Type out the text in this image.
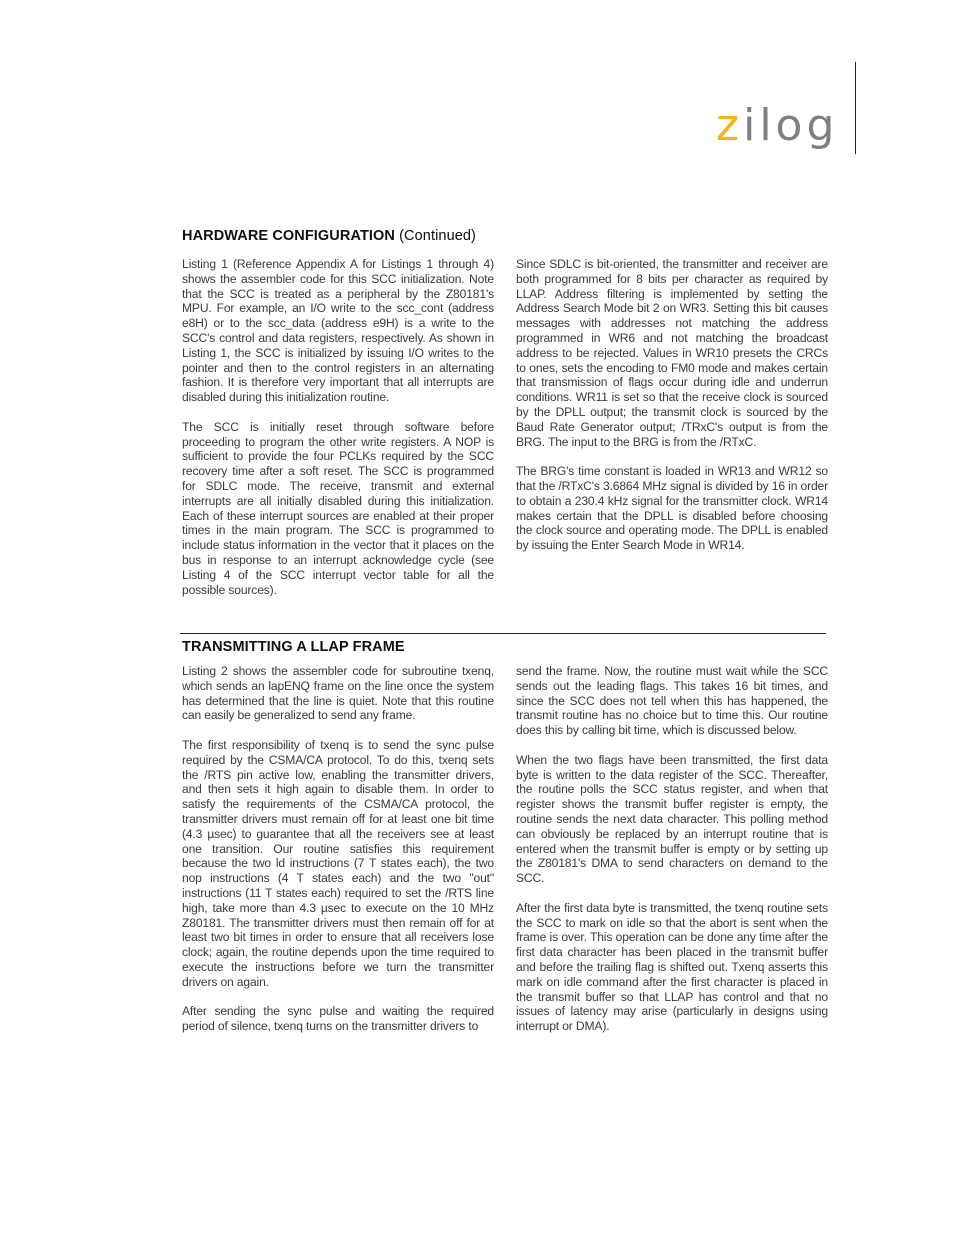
zilog
HARDWARE CONFIGURATION (Continued)

Listing 1 (Reference Appendix A for Listings 1 through 4) shows the assembler code for this SCC initialization. Note that the SCC is treated as a peripheral by the Z80181's MPU. For example, an I/O write to the scc_cont (address e8H) or to the scc_data (address e9H) is a write to the SCC's control and data registers, respectively. As shown in Listing 1, the SCC is initialized by issuing I/O writes to the pointer and then to the control registers in an alternating fashion. It is therefore very important that all interrupts are disabled during this initialization routine.

The SCC is initially reset through software before proceeding to program the other write registers. A NOP is sufficient to provide the four PCLKs required by the SCC recovery time after a soft reset. The SCC is programmed for SDLC mode. The receive, transmit and external interrupts are all initially disabled during this initialization. Each of these interrupt sources are enabled at their proper times in the main program. The SCC is programmed to include status information in the vector that it places on the bus in response to an interrupt acknowledge cycle (see Listing 4 of the SCC interrupt vector table for all the possible sources).

Since SDLC is bit-oriented, the transmitter and receiver are both programmed for 8 bits per character as required by LLAP. Address filtering is implemented by setting the Address Search Mode bit 2 on WR3. Setting this bit causes messages with addresses not matching the address programmed in WR6 and not matching the broadcast address to be rejected. Values in WR10 presets the CRCs to ones, sets the encoding to FM0 mode and makes certain that transmission of flags occur during idle and underrun conditions. WR11 is set so that the receive clock is sourced by the DPLL output; the transmit clock is sourced by the Baud Rate Generator output; /TRxC's output is from the BRG. The input to the BRG is from the /RTxC.

The BRG's time constant is loaded in WR13 and WR12 so that the /RTxC's 3.6864 MHz signal is divided by 16 in order to obtain a 230.4 kHz signal for the transmitter clock. WR14 makes certain that the DPLL is disabled before choosing the clock source and operating mode. The DPLL is enabled by issuing the Enter Search Mode in WR14.

TRANSMITTING A LLAP FRAME

Listing 2 shows the assembler code for subroutine txenq, which sends an lapENQ frame on the line once the system has determined that the line is quiet. Note that this routine can easily be generalized to send any frame.

The first responsibility of txenq is to send the sync pulse required by the CSMA/CA protocol. To do this, txenq sets the /RTS pin active low, enabling the transmitter drivers, and then sets it high again to disable them. In order to satisfy the requirements of the CSMA/CA protocol, the transmitter drivers must remain off for at least one bit time (4.3 µsec) to guarantee that all the receivers see at least one transition. Our routine satisfies this requirement because the two ld instructions (7 T states each), the two nop instructions (4 T states each) and the two "out" instructions (11 T states each) required to set the /RTS line high, take more than 4.3 µsec to execute on the 10 MHz Z80181. The transmitter drivers must then remain off for at least two bit times in order to ensure that all receivers lose clock; again, the routine depends upon the time required to execute the instructions before we turn the transmitter drivers on again.

After sending the sync pulse and waiting the required period of silence, txenq turns on the transmitter drivers to

send the frame. Now, the routine must wait while the SCC sends out the leading flags. This takes 16 bit times, and since the SCC does not tell when this has happened, the transmit routine has no choice but to time this. Our routine does this by calling bit time, which is discussed below.

When the two flags have been transmitted, the first data byte is written to the data register of the SCC. Thereafter, the routine polls the SCC status register, and when that register shows the transmit buffer register is empty, the routine sends the next data character. This polling method can obviously be replaced by an interrupt routine that is entered when the transmit buffer is empty or by setting up the Z80181's DMA to send characters on demand to the SCC.

After the first data byte is transmitted, the txenq routine sets the SCC to mark on idle so that the abort is sent when the frame is over. This operation can be done any time after the first data character has been placed in the transmit buffer and before the trailing flag is shifted out. Txenq asserts this mark on idle command after the first character is placed in the transmit buffer so that LLAP has control and that no issues of latency may arise (particularly in designs using interrupt or DMA).
